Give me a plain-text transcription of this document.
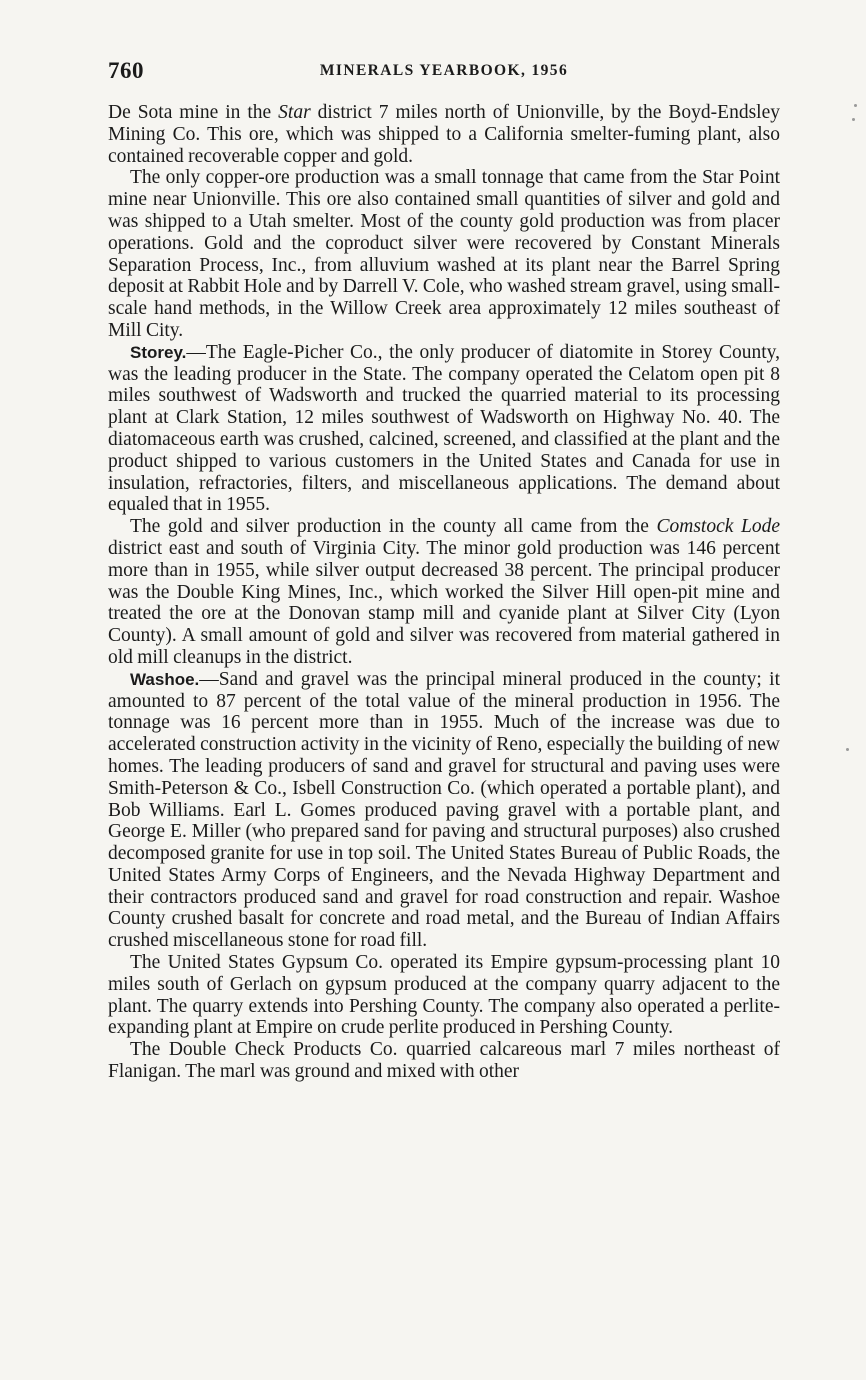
760	MINERALS YEARBOOK, 1956

De Sota mine in the Star district 7 miles north of Unionville, by the Boyd-Endsley Mining Co. This ore, which was shipped to a California smelter-fuming plant, also contained recoverable copper and gold.

The only copper-ore production was a small tonnage that came from the Star Point mine near Unionville. This ore also contained small quantities of silver and gold and was shipped to a Utah smelter. Most of the county gold production was from placer operations. Gold and the coproduct silver were recovered by Constant Minerals Separation Process, Inc., from alluvium washed at its plant near the Barrel Spring deposit at Rabbit Hole and by Darrell V. Cole, who washed stream gravel, using small-scale hand methods, in the Willow Creek area approximately 12 miles southeast of Mill City.

Storey.—The Eagle-Picher Co., the only producer of diatomite in Storey County, was the leading producer in the State. The company operated the Celatom open pit 8 miles southwest of Wadsworth and trucked the quarried material to its processing plant at Clark Station, 12 miles southwest of Wadsworth on Highway No. 40. The diatomaceous earth was crushed, calcined, screened, and classified at the plant and the product shipped to various customers in the United States and Canada for use in insulation, refractories, filters, and miscellaneous applications. The demand about equaled that in 1955.

The gold and silver production in the county all came from the Comstock Lode district east and south of Virginia City. The minor gold production was 146 percent more than in 1955, while silver output decreased 38 percent. The principal producer was the Double King Mines, Inc., which worked the Silver Hill open-pit mine and treated the ore at the Donovan stamp mill and cyanide plant at Silver City (Lyon County). A small amount of gold and silver was recovered from material gathered in old mill cleanups in the district.

Washoe.—Sand and gravel was the principal mineral produced in the county; it amounted to 87 percent of the total value of the mineral production in 1956. The tonnage was 16 percent more than in 1955. Much of the increase was due to accelerated construction activity in the vicinity of Reno, especially the building of new homes. The leading producers of sand and gravel for structural and paving uses were Smith-Peterson & Co., Isbell Construction Co. (which operated a portable plant), and Bob Williams. Earl L. Gomes produced paving gravel with a portable plant, and George E. Miller (who prepared sand for paving and structural purposes) also crushed decomposed granite for use in top soil. The United States Bureau of Public Roads, the United States Army Corps of Engineers, and the Nevada Highway Department and their contractors produced sand and gravel for road construction and repair. Washoe County crushed basalt for concrete and road metal, and the Bureau of Indian Affairs crushed miscellaneous stone for road fill.

The United States Gypsum Co. operated its Empire gypsum-processing plant 10 miles south of Gerlach on gypsum produced at the company quarry adjacent to the plant. The quarry extends into Pershing County. The company also operated a perlite-expanding plant at Empire on crude perlite produced in Pershing County.

The Double Check Products Co. quarried calcareous marl 7 miles northeast of Flanigan. The marl was ground and mixed with other
